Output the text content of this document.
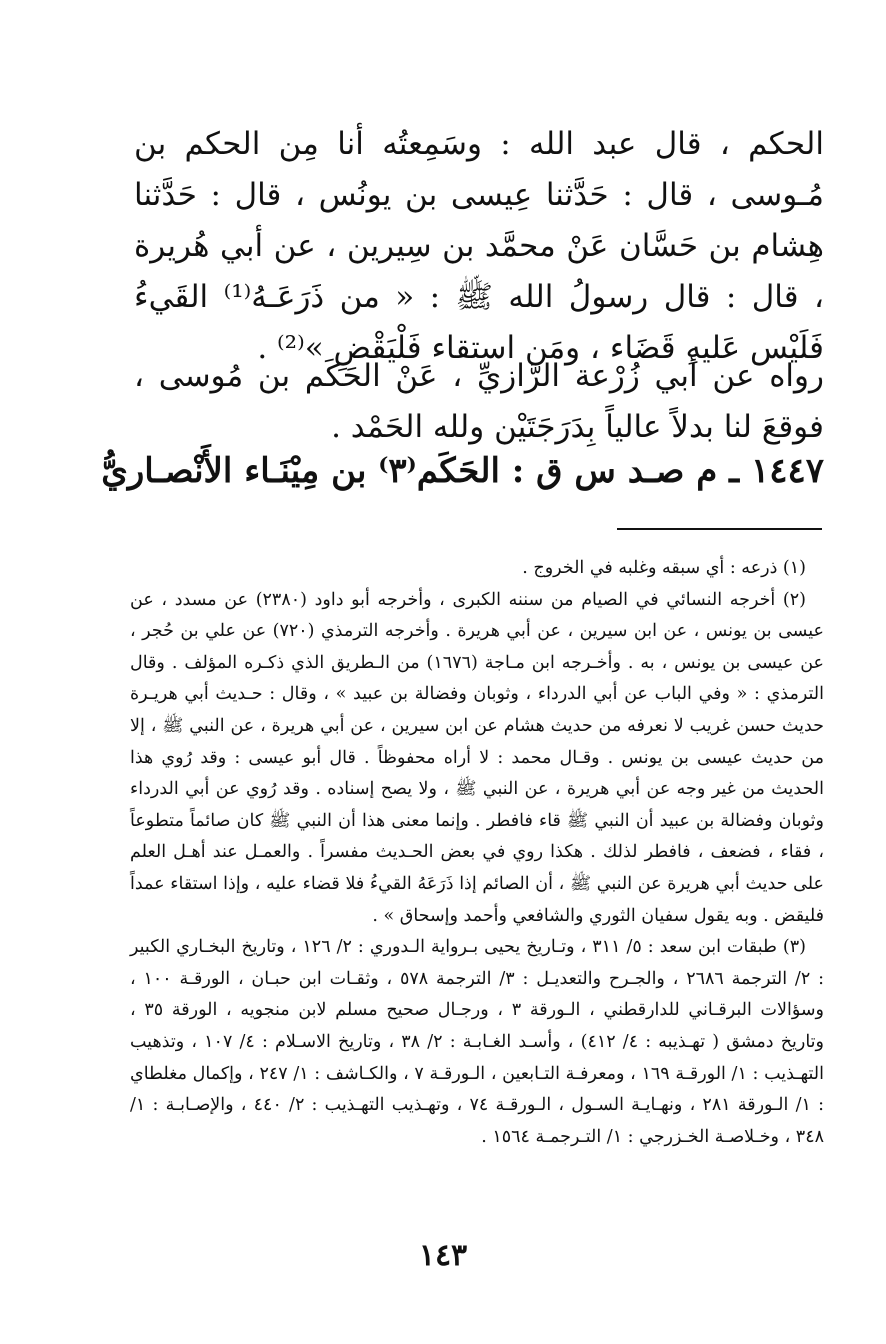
الحكم ، قال عبد الله : وسَمِعتُه أنا مِن الحكم بن مُـوسى ، قال : حَدَّثنا عِيسى بن يونُس ، قال : حَدَّثنا هِشام بن حَسَّان عَنْ محمَّد بن سِيرين ، عن أبي هُريرة ، قال : قال رسولُ الله ﷺ : « من ذَرَعَـهُ⁽¹⁾ القَيءُ فَلَيْس عَليهِ قَضَاء ، ومَن استقاء فَلْيَقْضِ »⁽²⁾ .

رواه عن أبي زُرْعة الرَّازيِّ ، عَنْ الحَكَم بن مُوسى ، فوقعَ لنا بدلاً عالياً بِدَرَجَتَيْن ولله الحَمْد .

١٤٤٧ ـ م صـد س ق : الحَكَم⁽٣⁾ بن مِيْنَـاء الأَنْصـاريُّ

(١) ذرعه : أي سبقه وغلبه في الخروج .

(٢) أخرجه النسائي في الصيام من سننه الكبرى ، وأخرجه أبو داود (٢٣٨٠) عن مسدد ، عن عيسى بن يونس ، عن ابن سيرين ، عن أبي هريرة . وأخرجه الترمذي (٧٢٠) عن علي بن حُجر ، عن عيسى بن يونس ، به . وأخـرجه ابن مـاجة (١٦٧٦) من الـطريق الذي ذكـره المؤلف . وقال الترمذي : « وفي الباب عن أبي الدرداء ، وثوبان وفضالة بن عبيد » ، وقال : حـديث أبي هريـرة حديث حسن غريب لا نعرفه من حديث هشام عن ابن سيرين ، عن أبي هريرة ، عن النبي ﷺ ، إلا من حديث عيسى بن يونس . وقـال محمد : لا أراه محفوظاً . قال أبو عيسى : وقد رُوي هذا الحديث من غير وجه عن أبي هريرة ، عن النبي ﷺ ، ولا يصح إسناده . وقد رُوي عن أبي الدرداء وثوبان وفضالة بن عبيد أن النبي ﷺ قاء فافطر . وإنما معنى هذا أن النبي ﷺ كان صائماً متطوعاً ، فقاء ، فضعف ، فافطر لذلك . هكذا روي في بعض الحـديث مفسراً . والعمـل عند أهـل العلم على حديث أبي هريرة عن النبي ﷺ ، أن الصائم إذا ذَرَعَهُ القيءُ فلا قضاء عليه ، وإذا استقاء عمداً فليقض . وبه يقول سفيان الثوري والشافعي وأحمد وإسحاق » .

(٣) طبقات ابن سعد : ٥/ ٣١١ ، وتـاريخ يحيى بـرواية الـدوري : ٢/ ١٢٦ ، وتاريخ البخـاري الكبير : ٢/ الترجمة ٢٦٨٦ ، والجـرح والتعديـل : ٣/ الترجمة ٥٧٨ ، وثقـات ابن حبـان ، الورقـة ١٠٠ ، وسؤالات البرقـاني للدارقطني ، الـورقة ٣ ، ورجـال صحيح مسلم لابن منجويه ، الورقة ٣٥ ، وتاريخ دمشق ( تهـذيبه : ٤/ ٤١٢) ، وأسـد الغـابـة : ٢/ ٣٨ ، وتاريخ الاسـلام : ٤/ ١٠٧ ، وتذهيب التهـذيب : ١/ الورقـة ١٦٩ ، ومعرفـة التـابعين ، الـورقـة ٧ ، والكـاشف : ١/ ٢٤٧ ، وإكمال مغلطاي : ١/ الـورقة ٢٨١ ، ونهـايـة السـول ، الـورقـة ٧٤ ، وتهـذيب التهـذيب : ٢/ ٤٤٠ ، والإصـابـة : ١/ ٣٤٨ ، وخـلاصـة الخـزرجي : ١/ التـرجمـة ١٥٦٤ .

١٤٣
